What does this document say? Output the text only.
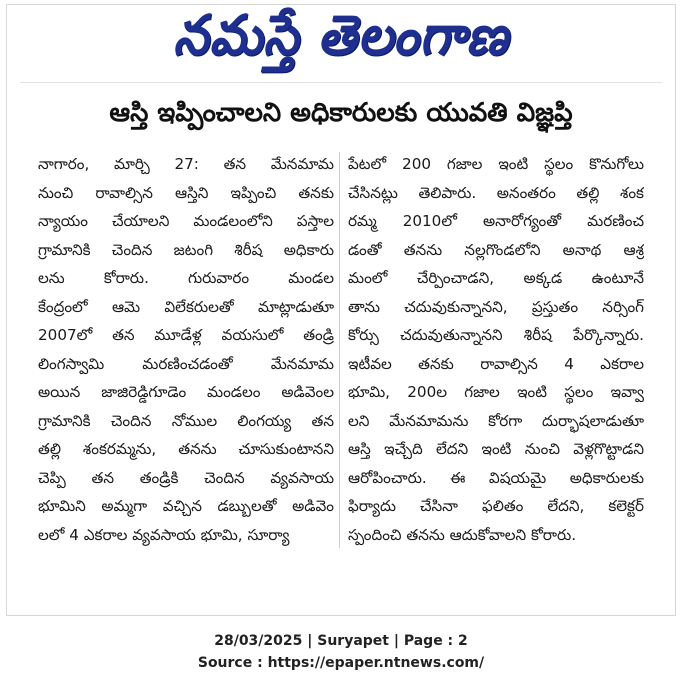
నమస్తే తెలంగాణ
ఆస్తి ఇప్పించాలని అధికారులకు యువతి విజ్ఞప్తి
నాగారం, మార్చి 27: తన మేనమామ
నుంచి రావాల్సిన ఆస్తిని ఇప్పించి తనకు
న్యాయం చేయాలని మండలంలోని పస్తాల
గ్రామానికి చెందిన జటంగి శిరీష అధికారు
లను కోరారు. గురువారం మండల
కేంద్రంలో ఆమె విలేకరులతో మాట్లాడుతూ
2007లో తన మూడేళ్ల వయసులో తండ్రి
లింగస్వామి మరణించడంతో మేనమామ
అయిన జాజిరెడ్డిగూడెం మండలం అడివెంల
గ్రామానికి చెందిన నోముల లింగయ్య తన
తల్లి శంకరమ్మను, తనను చూసుకుంటానని
చెప్పి తన తండ్రికి చెందిన వ్యవసాయ
భూమిని అమ్మగా వచ్చిన డబ్బులతో అడివెం
లలో 4 ఎకరాల వ్యవసాయ భూమి, సూర్యా
పేటలో 200 గజాల ఇంటి స్థలం కొనుగోలు
చేసినట్లు తెలిపారు. అనంతరం తల్లి శంక
రమ్మ 2010లో అనారోగ్యంతో మరణించ
డంతో తనను నల్లగొండలోని అనాథ ఆశ్ర
మంలో చేర్పించాడని, అక్కడ ఉంటూనే
తాను చదువుకున్నానని, ప్రస్తుతం నర్సింగ్
కోర్సు చదువుతున్నానని శిరీష పేర్కొన్నారు.
ఇటీవల తనకు రావాల్సిన 4 ఎకరాల
భూమి, 200ల గజాల ఇంటి స్థలం ఇవ్వా
లని మేనమామను కోరగా దుర్భాషలాడుతూ
ఆస్తి ఇచ్చేది లేదని ఇంటి నుంచి వెళ్లగొట్టాడని
ఆరోపించారు. ఈ విషయమై అధికారులకు
ఫిర్యాదు చేసినా ఫలితం లేదని, కలెక్టర్
స్పందించి తనను ఆదుకోవాలని కోరారు.
28/03/2025 | Suryapet | Page : 2
Source : https://epaper.ntnews.com/
